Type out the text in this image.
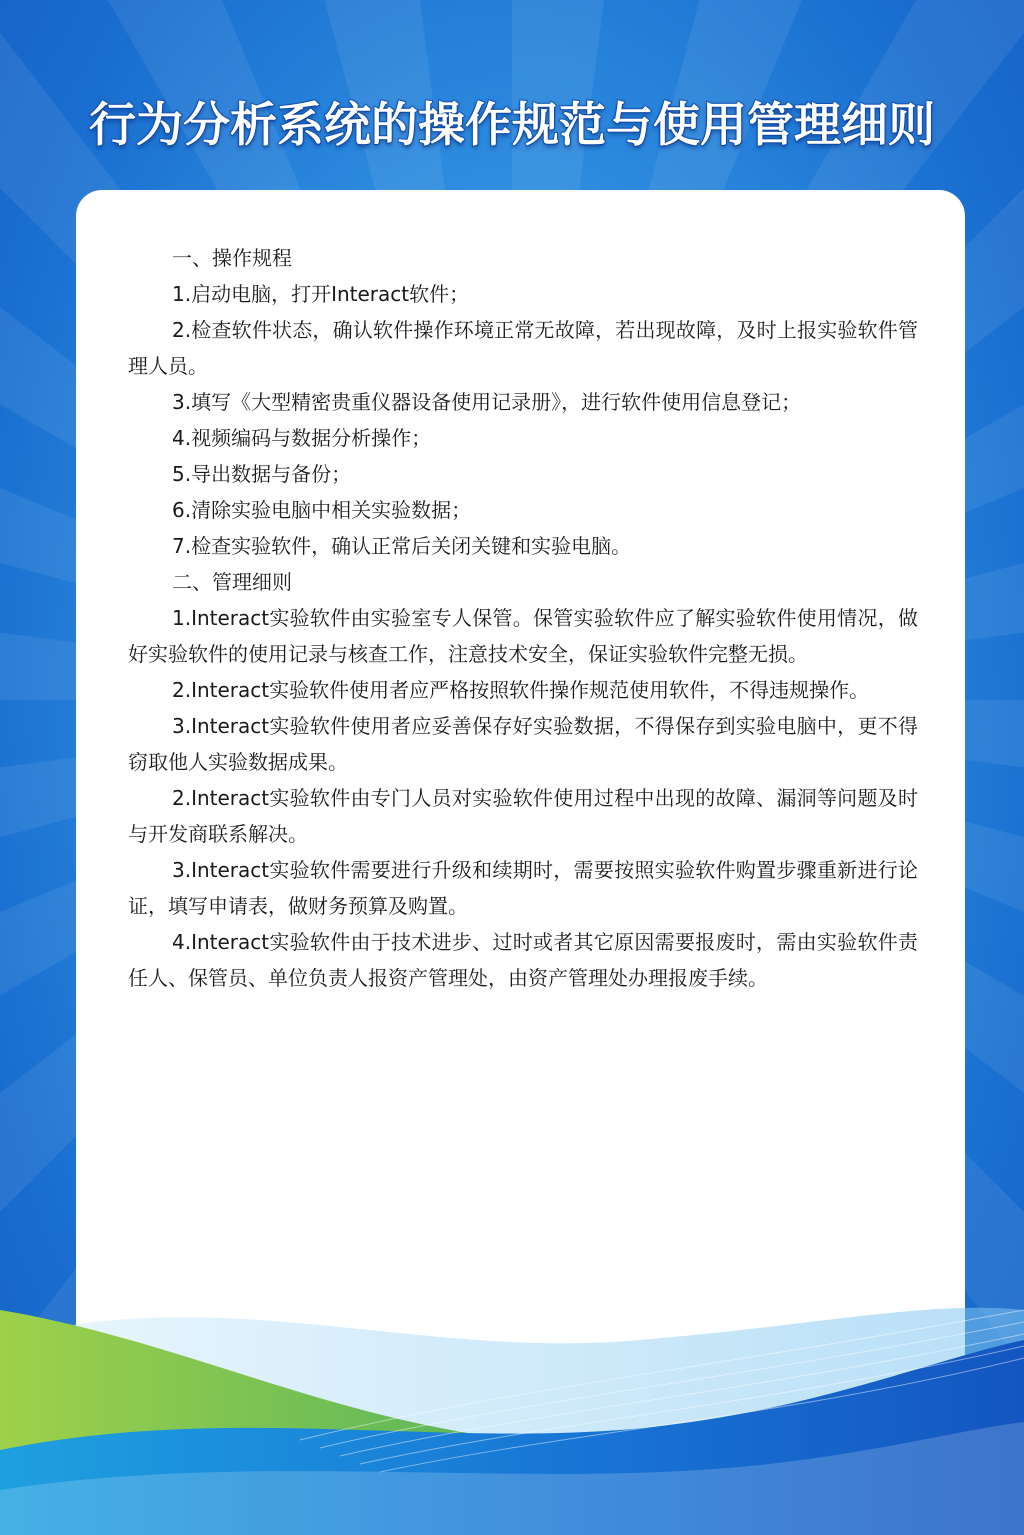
行为分析系统的操作规范与使用管理细则

一、操作规程

1.启动电脑，打开Interact软件；

2.检查软件状态，确认软件操作环境正常无故障，若出现故障，及时上报实验软件管理人员。

3.填写《大型精密贵重仪器设备使用记录册》，进行软件使用信息登记；

4.视频编码与数据分析操作；

5.导出数据与备份；

6.清除实验电脑中相关实验数据；

7.检查实验软件，确认正常后关闭关键和实验电脑。

二、管理细则

1.Interact实验软件由实验室专人保管。保管实验软件应了解实验软件使用情况，做好实验软件的使用记录与核查工作，注意技术安全，保证实验软件完整无损。

2.Interact实验软件使用者应严格按照软件操作规范使用软件，不得违规操作。

3.Interact实验软件使用者应妥善保存好实验数据，不得保存到实验电脑中，更不得窃取他人实验数据成果。

2.Interact实验软件由专门人员对实验软件使用过程中出现的故障、漏洞等问题及时与开发商联系解决。

3.Interact实验软件需要进行升级和续期时，需要按照实验软件购置步骤重新进行论证，填写申请表，做财务预算及购置。

4.Interact实验软件由于技术进步、过时或者其它原因需要报废时，需由实验软件责任人、保管员、单位负责人报资产管理处，由资产管理处办理报废手续。
